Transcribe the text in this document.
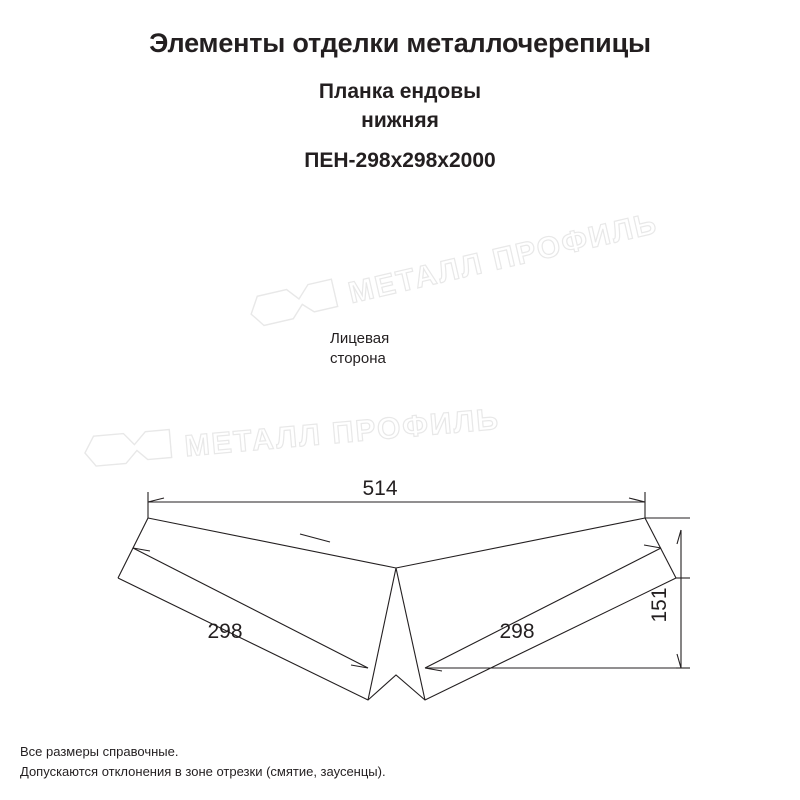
Элементы отделки металлочерепицы
Планка ендовы
нижняя
ПЕН-298х298х2000
МЕТАЛЛ ПРОФИЛЬ
МЕТАЛЛ ПРОФИЛЬ
514
298	298
151
Лицевая
сторона
Все размеры справочные.
Допускаются отклонения в зоне отрезки (смятие, заусенцы).
